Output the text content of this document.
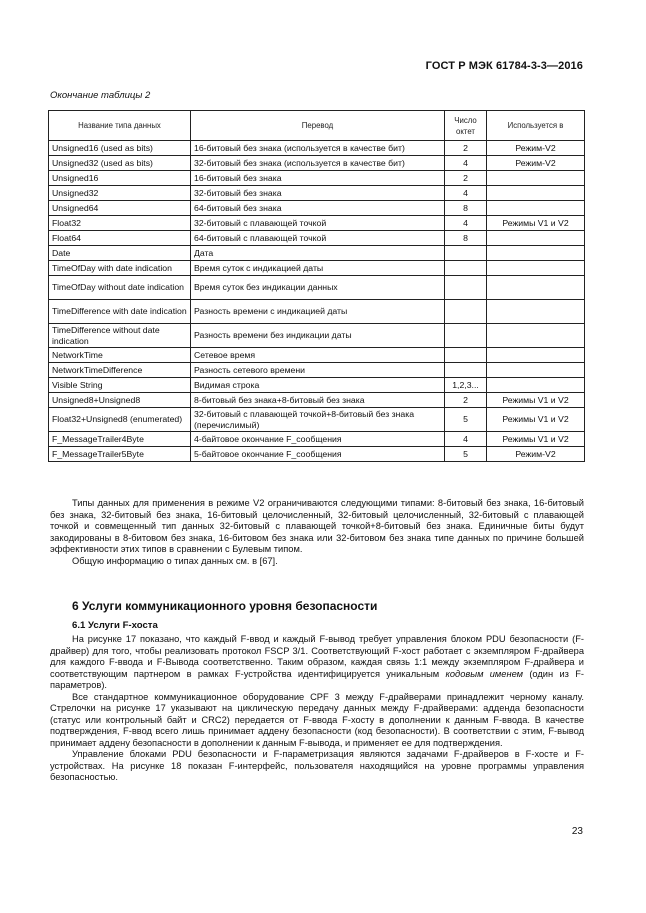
ГОСТ Р МЭК 61784-3-3—2016
Окончание таблицы 2
Название типа данных	Перевод	Число октет	Используется в
Unsigned16 (used as bits)	16-битовый без знака (используется в качестве бит)	2	Режим-V2
Unsigned32 (used as bits)	32-битовый без знака (используется в качестве бит)	4	Режим-V2
Unsigned16	16-битовый без знака	2	
Unsigned32	32-битовый без знака	4	
Unsigned64	64-битовый без знака	8	
Float32	32-битовый с плавающей точкой	4	Режимы V1 и V2
Float64	64-битовый с плавающей точкой	8	
Date	Дата		
TimeOfDay with date indication	Время суток с индикацией даты		
TimeOfDay without date indication	Время суток без индикации данных		
TimeDifference with date indication	Разность времени с индикацией даты		
TimeDifference without date indication	Разность времени без индикации даты		
NetworkTime	Сетевое время		
NetworkTimeDifference	Разность сетевого времени		
Visible String	Видимая строка	1,2,3...	
Unsigned8+Unsigned8	8-битовый без знака+8-битовый без знака	2	Режимы V1 и V2
Float32+Unsigned8 (enumerated)	32-битовый с плавающей точкой+8-битовый без знака (перечислимый)	5	Режимы V1 и V2
F_MessageTrailer4Byte	4-байтовое окончание F_сообщения	4	Режимы V1 и V2
F_MessageTrailer5Byte	5-байтовое окончание F_сообщения	5	Режим-V2

Типы данных для применения в режиме V2 ограничиваются следующими типами: 8-битовый без знака, 16-битовый без знака, 32-битовый без знака, 16-битовый целочисленный, 32-битовый целочисленный, 32-битовый с плавающей точкой и совмещенный тип данных 32-битовый с плавающей точкой+8-битовый без знака. Единичные биты будут закодированы в 8-битовом без знака, 16-битовом без знака или 32-битовом без знака типе данных по причине большей эффективности этих типов в сравнении с Булевым типом.

Общую информацию о типах данных см. в [67].

6 Услуги коммуникационного уровня безопасности
6.1 Услуги F-хоста

На рисунке 17 показано, что каждый F-ввод и каждый F-вывод требует управления блоком PDU безопасности (F-драйвер) для того, чтобы реализовать протокол FSCP 3/1. Соответствующий F-хост работает с экземпляром F-драйвера для каждого F-ввода и F-Вывода соответственно. Таким образом, каждая связь 1:1 между экземпляром F-драйвера и соответствующим партнером в рамках F-устройства идентифицируется уникальным кодовым именем (один из F-параметров).

Все стандартное коммуникационное оборудование CPF 3 между F-драйверами принадлежит черному каналу. Стрелочки на рисунке 17 указывают на циклическую передачу данных между F-драйверами: адденда безопасности (статус или контрольный байт и CRC2) передается от F-ввода F-хосту в дополнении к данным F-ввода. В качестве подтверждения, F-ввод всего лишь принимает аддену безопасности (код безопасности). В соответствии с этим, F-вывод принимает аддену безопасности в дополнении к данным F-вывода, и применяет ее для подтверждения.

Управление блоками PDU безопасности и F-параметризация являются задачами F-драйверов в F-хосте и F-устройствах. На рисунке 18 показан F-интерфейс, пользователя находящийся на уровне программы управления безопасностью.

23
